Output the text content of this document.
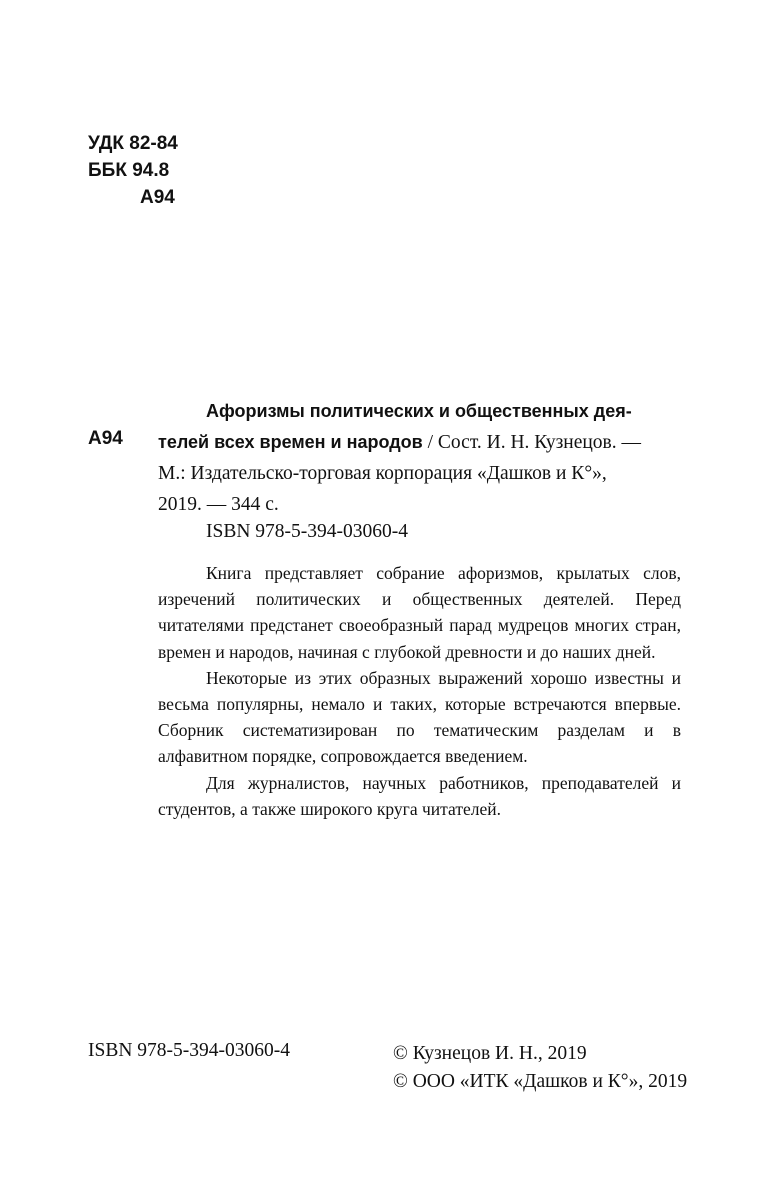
УДК 82-84
ББК 94.8
А94
А94

Афоризмы политических и общественных дея-

телей всех времен и народов / Сост. И. Н. Кузнецов. —

М.: Издательско-торговая корпорация «Дашков и К°»,

2019. — 344 с.

ISBN 978-5-394-03060-4

Книга представляет собрание афоризмов, крылатых слов, изречений политических и общественных деятелей. Перед читателями предстанет своеобразный парад мудрецов многих стран, времен и народов, начиная с глубокой древности и до наших дней.

Некоторые из этих образных выражений хорошо известны и весьма популярны, немало и таких, которые встречаются впервые. Сборник систематизирован по тематическим разделам и в алфавитном порядке, сопровождается введением.

Для журналистов, научных работников, преподавателей и студентов, а также широкого круга читателей.

ISBN 978-5-394-03060-4	© Кузнецов И. Н., 2019
© ООО «ИТК «Дашков и К°», 2019
